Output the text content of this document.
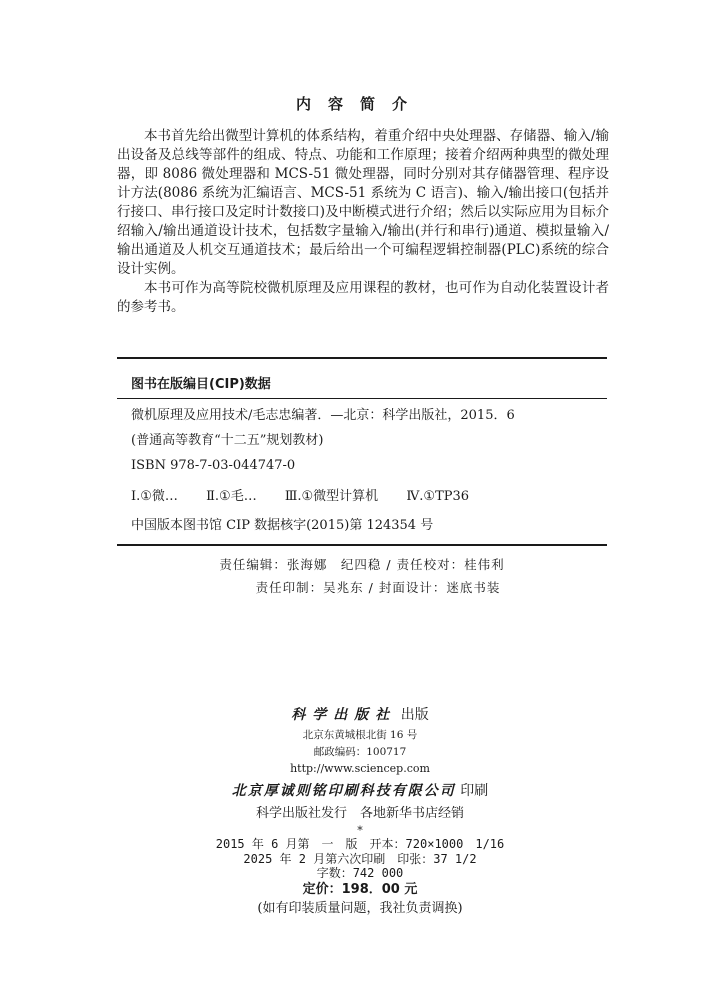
内容简介

本书首先给出微型计算机的体系结构，着重介绍中央处理器、存储器、输入/输出设备及总线等部件的组成、特点、功能和工作原理；接着介绍两种典型的微处理器，即 8086 微处理器和 MCS-51 微处理器，同时分别对其存储器管理、程序设计方法(8086 系统为汇编语言、MCS-51 系统为 C 语言)、输入/输出接口(包括并行接口、串行接口及定时计数接口)及中断模式进行介绍；然后以实际应用为目标介绍输入/输出通道设计技术，包括数字量输入/输出(并行和串行)通道、模拟量输入/输出通道及人机交互通道技术；最后给出一个可编程逻辑控制器(PLC)系统的综合设计实例。

本书可作为高等院校微机原理及应用课程的教材，也可作为自动化装置设计者的参考书。

图书在版编目(CIP)数据
微机原理及应用技术/毛志忠编著．—北京：科学出版社，2015．6
(普通高等教育“十二五”规划教材)
ISBN 978-7-03-044747-0
Ⅰ.①微… Ⅱ.①毛… Ⅲ.①微型计算机 Ⅳ.①TP36
中国版本图书馆 CIP 数据核字(2015)第 124354 号
责任编辑：张海娜　纪四稳 / 责任校对：桂伟利
责任印制：吴兆东 / 封面设计：迷底书装
科学出版社 出版
北京东黄城根北街 16 号
邮政编码：100717
http://www.sciencep.com
北京厚诚则铭印刷科技有限公司 印刷
科学出版社发行　各地新华书店经销
*
2015 年 6 月第　一　版　开本：720×1000　1/16
2025 年 2 月第六次印刷　印张：37 1/2
字数：742 000
定价：198．00 元
(如有印装质量问题，我社负责调换)
